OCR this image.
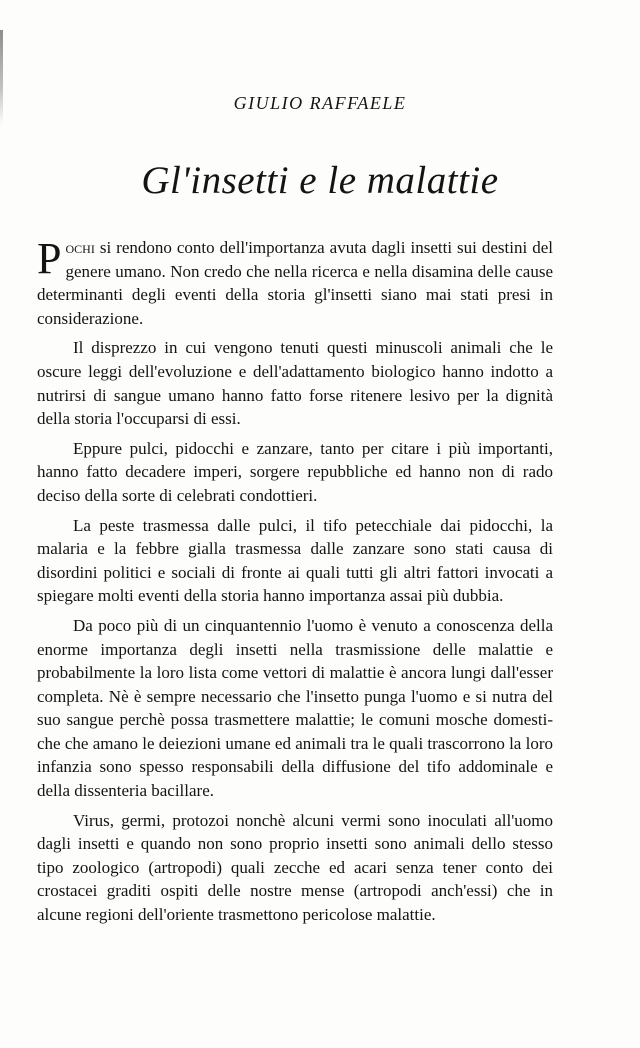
GIULIO RAFFAELE
Gl'insetti e le malattie

Pochi si rendono conto dell'importanza avuta dagli insetti sui destini del genere umano. Non credo che nella ricerca e nella disamina delle cause determinanti degli eventi della storia gl'insetti siano mai stati presi in considerazione.

Il disprezzo in cui vengono tenuti questi minuscoli animali che le oscure leggi dell'evoluzione e dell'adattamento biologico hanno indotto a nutrirsi di sangue umano hanno fatto forse ritenere lesivo per la dignità della storia l'occuparsi di essi.

Eppure pulci, pidocchi e zanzare, tanto per citare i più importanti, hanno fatto decadere imperi, sorgere repubbliche ed hanno non di rado deciso della sorte di celebrati condottieri.

La peste trasmessa dalle pulci, il tifo petecchiale dai pidocchi, la malaria e la febbre gialla trasmessa dalle zanzare sono stati causa di disordini politici e sociali di fronte ai quali tutti gli altri fattori invocati a spiegare molti eventi della storia hanno importanza assai più dubbia.

Da poco più di un cinquantennio l'uomo è venuto a conoscenza della enorme importanza degli insetti nella trasmissione delle malattie e probabilmente la loro lista come vettori di malattie è ancora lungi dall'esser completa. Nè è sempre necessario che l'insetto punga l'uomo e si nutra del suo sangue perchè possa trasmettere malattie; le comuni mosche domestiche che amano le deiezioni umane ed animali tra le quali trascorrono la loro infanzia sono spesso responsabili della diffusione del tifo addominale e della dissenteria bacillare.

Virus, germi, protozoi nonchè alcuni vermi sono inoculati all'uomo dagli insetti e quando non sono proprio insetti sono animali dello stesso tipo zoologico (artropodi) quali zecche ed acari senza tener conto dei crostacei graditi ospiti delle nostre mense (artropodi anch'essi) che in alcune regioni dell'oriente trasmettono pericolose malattie.
